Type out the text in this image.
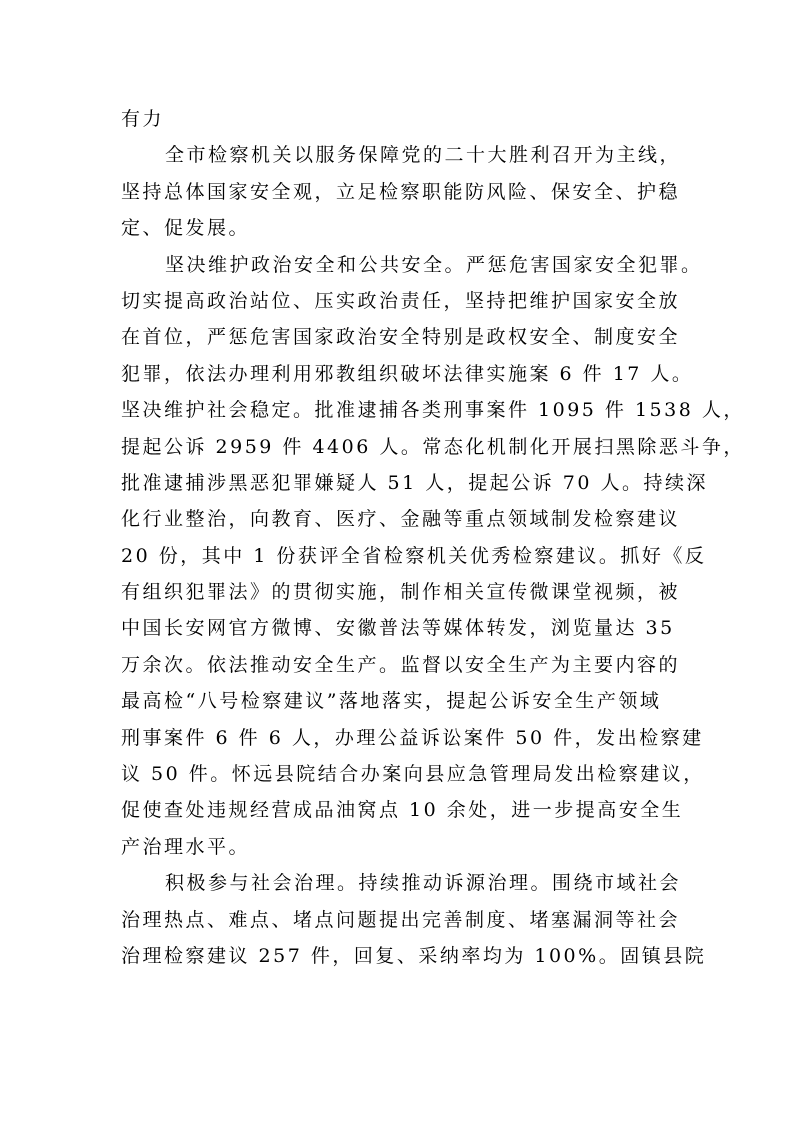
有力
全市检察机关以服务保障党的二十大胜利召开为主线，
坚持总体国家安全观，立足检察职能防风险、保安全、护稳
定、促发展。
坚决维护政治安全和公共安全。严惩危害国家安全犯罪。
切实提高政治站位、压实政治责任，坚持把维护国家安全放
在首位，严惩危害国家政治安全特别是政权安全、制度安全
犯罪，依法办理利用邪教组织破坏法律实施案 6 件 17 人。
坚决维护社会稳定。批准逮捕各类刑事案件 1095 件 1538 人，
提起公诉 2959 件 4406 人。常态化机制化开展扫黑除恶斗争，
批准逮捕涉黑恶犯罪嫌疑人 51 人，提起公诉 70 人。持续深
化行业整治，向教育、医疗、金融等重点领域制发检察建议
20 份，其中 1 份获评全省检察机关优秀检察建议。抓好《反
有组织犯罪法》的贯彻实施，制作相关宣传微课堂视频，被
中国长安网官方微博、安徽普法等媒体转发，浏览量达 35
万余次。依法推动安全生产。监督以安全生产为主要内容的
最高检“八号检察建议”落地落实，提起公诉安全生产领域
刑事案件 6 件 6 人，办理公益诉讼案件 50 件，发出检察建
议 50 件。怀远县院结合办案向县应急管理局发出检察建议，
促使查处违规经营成品油窝点 10 余处，进一步提高安全生
产治理水平。
积极参与社会治理。持续推动诉源治理。围绕市域社会
治理热点、难点、堵点问题提出完善制度、堵塞漏洞等社会
治理检察建议 257 件，回复、采纳率均为 100%。固镇县院
